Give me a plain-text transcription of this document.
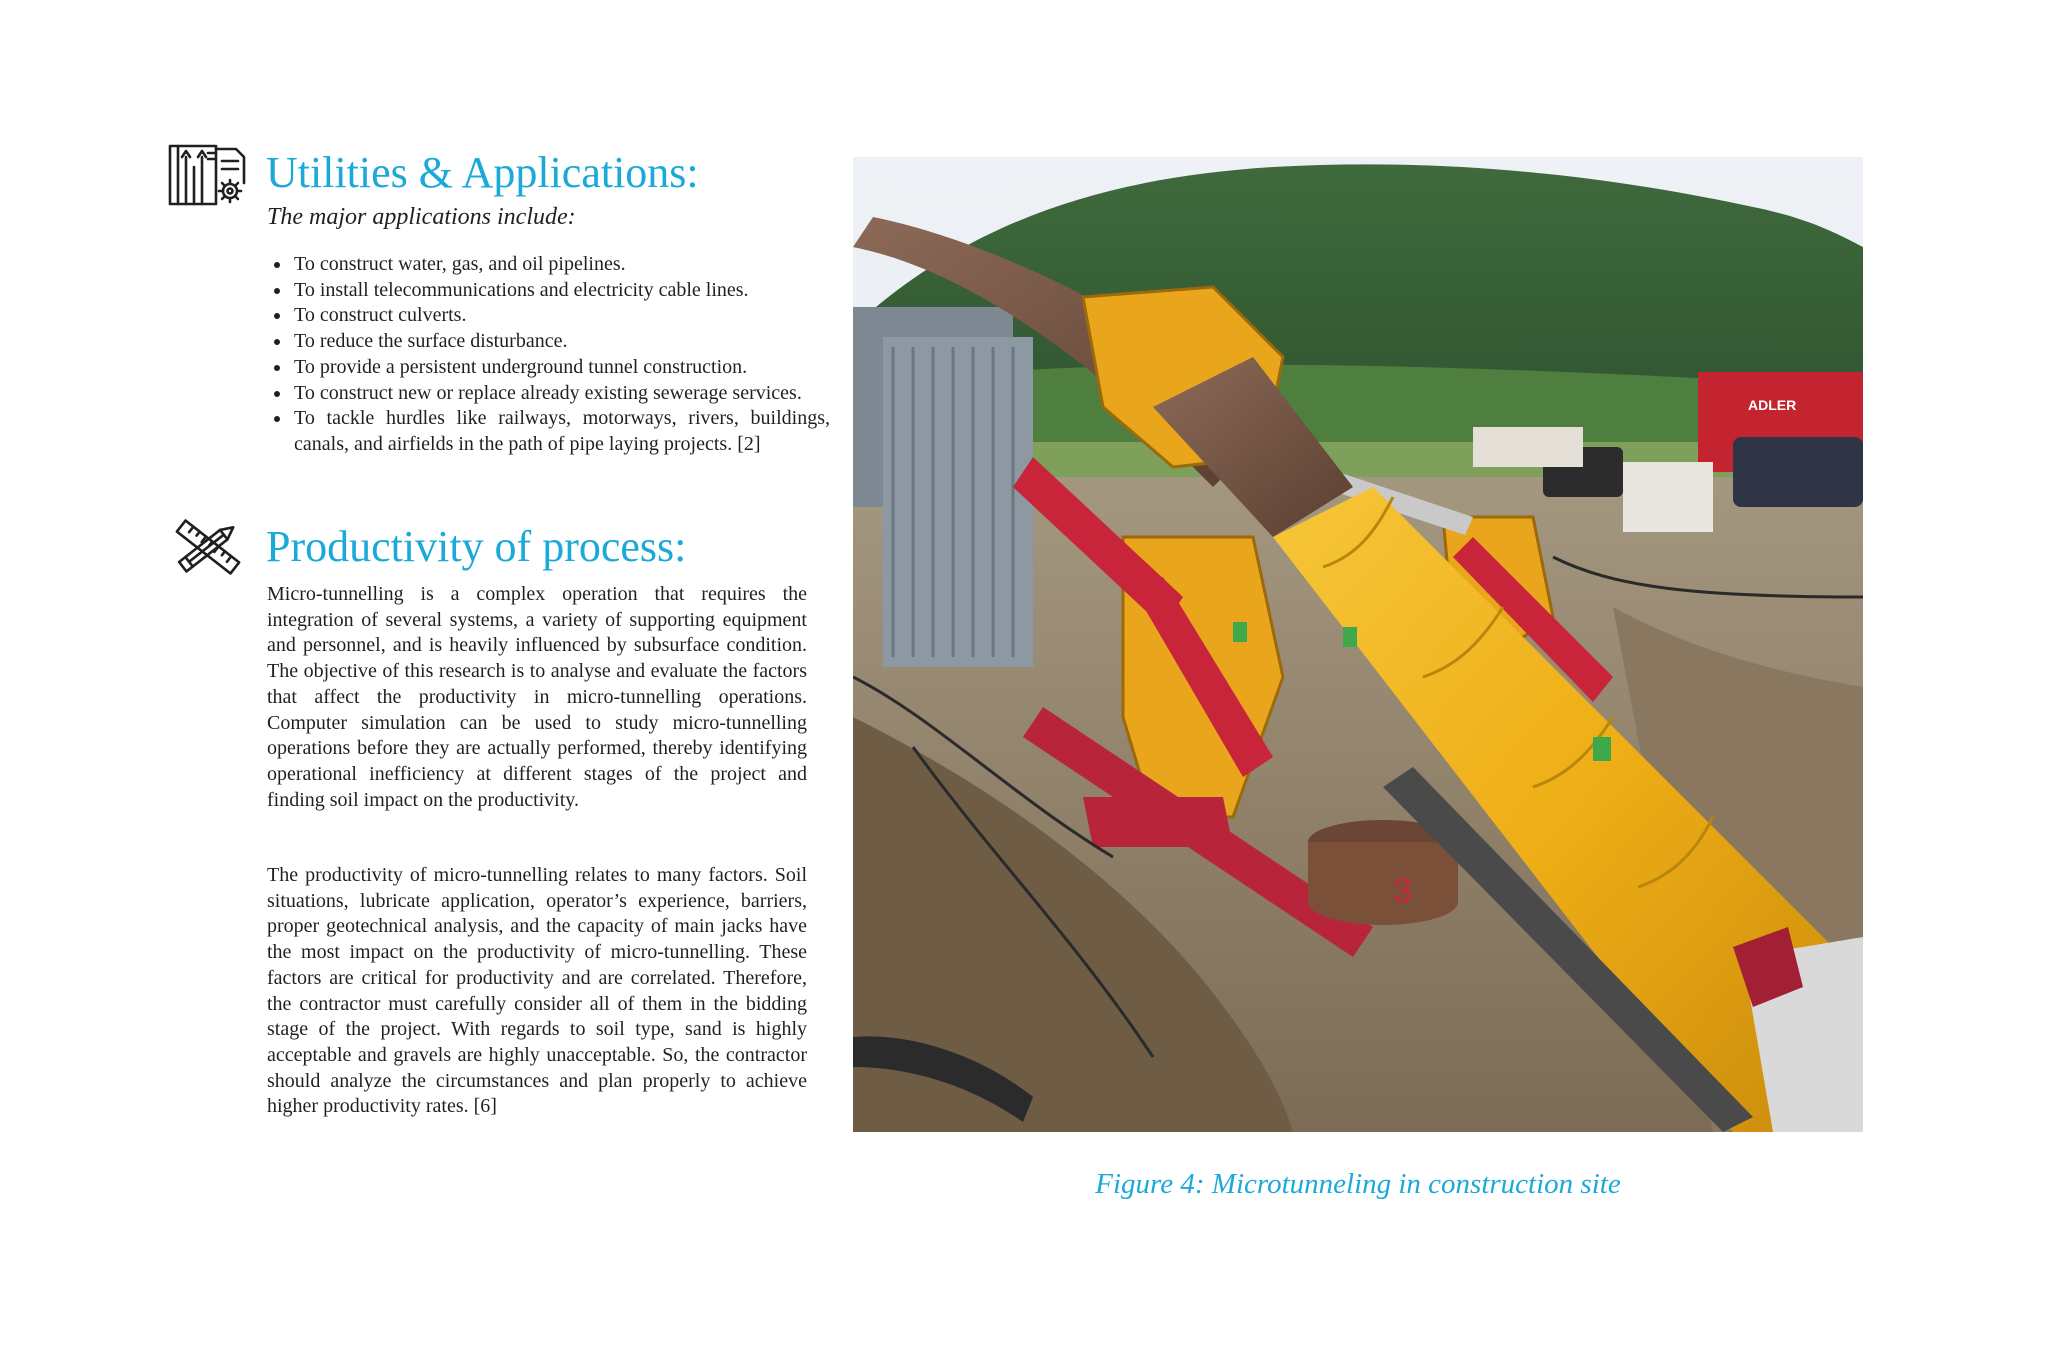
Utilities & Applications:

The major applications include:

• To construct water, gas, and oil pipelines.
• To install telecommunications and electricity cable lines.
• To construct culverts.
• To reduce the surface disturbance.
• To provide a persistent underground tunnel construction.
• To construct new or replace already existing sewerage services.
• To tackle hurdles like railways, motorways, rivers, buildings, canals, and airfields in the path of pipe laying projects. [2]
Productivity of process:

Micro-tunnelling is a complex operation that requires the integration of several systems, a variety of supporting equipment and personnel, and is heavily influenced by subsurface condition. The objective of this research is to analyse and evaluate the factors that affect the productivity in micro-tunnelling operations. Computer simulation can be used to study micro-tunnelling operations before they are actually performed, thereby identifying operational inefficiency at different stages of the project and finding soil impact on the productivity.

The productivity of micro-tunnelling relates to many factors. Soil situations, lubricate application, operator’s experience, barriers, proper geotechnical analysis, and the capacity of main jacks have the most impact on the productivity of micro-tunnelling. These factors are critical for productivity and are correlated. Therefore, the contractor must carefully consider all of them in the bidding stage of the project. With regards to soil type, sand is highly acceptable and gravels are highly unacceptable. So, the contractor should analyze the circumstances and plan properly to achieve higher productivity rates. [6]

ADLER
3

Figure 4: Microtunneling in construction site
